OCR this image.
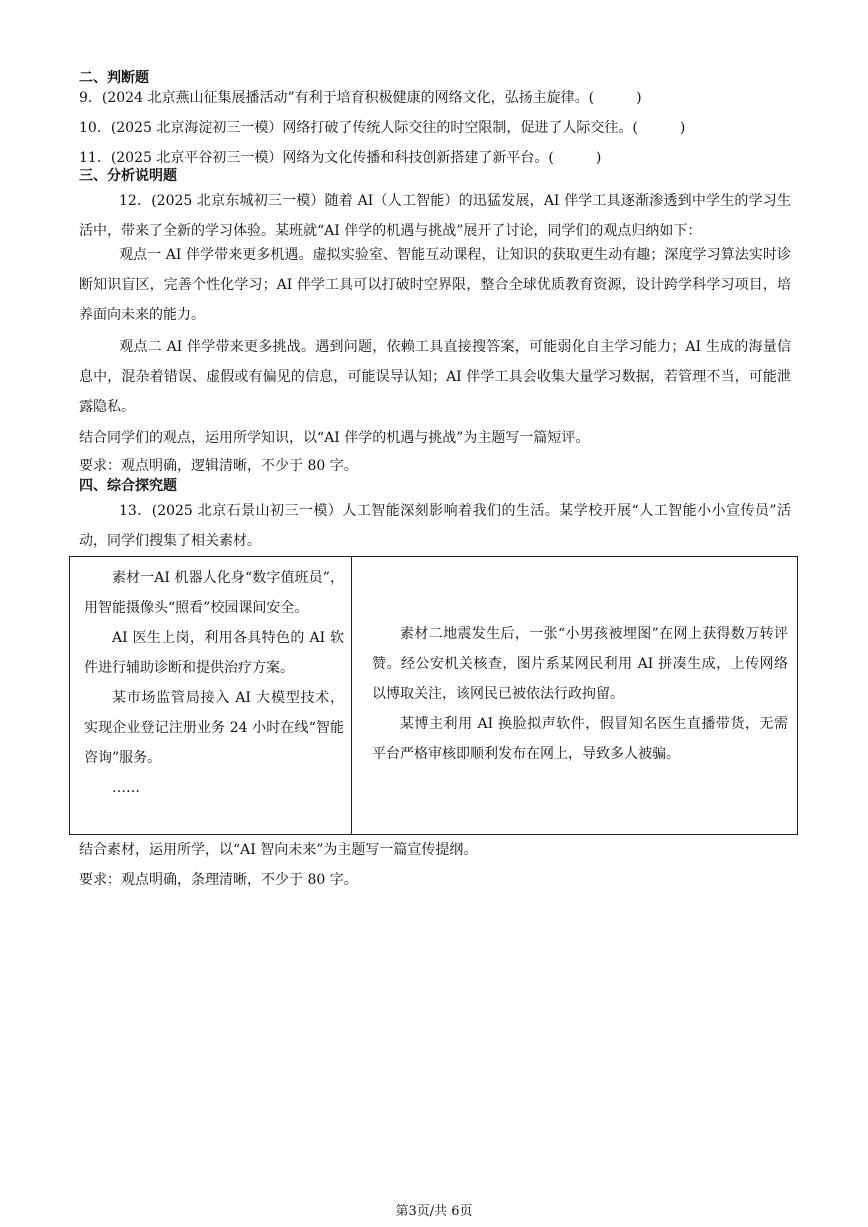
二、判断题
9．(2024 北京燕山征集展播活动”有利于培育积极健康的网络文化，弘扬主旋律。(　　　)
10．(2025 北京海淀初三一模）网络打破了传统人际交往的时空限制，促进了人际交往。(　　　)
11．(2025 北京平谷初三一模）网络为文化传播和科技创新搭建了新平台。(　　　)
三、分析说明题
12．(2025 北京东城初三一模）随着 AI（人工智能）的迅猛发展，AI 伴学工具逐渐渗透到中学生的学习生活中，带来了全新的学习体验。某班就“AI 伴学的机遇与挑战”展开了讨论，同学们的观点归纳如下：
观点一 AI 伴学带来更多机遇。虚拟实验室、智能互动课程，让知识的获取更生动有趣；深度学习算法实时诊断知识盲区，完善个性化学习；AI 伴学工具可以打破时空界限，整合全球优质教育资源，设计跨学科学习项目，培养面向未来的能力。
观点二 AI 伴学带来更多挑战。遇到问题，依赖工具直接搜答案，可能弱化自主学习能力；AI 生成的海量信息中，混杂着错误、虚假或有偏见的信息，可能误导认知；AI 伴学工具会收集大量学习数据，若管理不当，可能泄露隐私。
结合同学们的观点，运用所学知识，以“AI 伴学的机遇与挑战”为主题写一篇短评。
要求：观点明确，逻辑清晰，不少于 80 字。
四、综合探究题
13．(2025 北京石景山初三一模）人工智能深刻影响着我们的生活。某学校开展“人工智能小小宣传员”活动，同学们搜集了相关素材。

素材一AI 机器人化身“数字值班员”，用智能摄像头“照看”校园课间安全。

AI 医生上岗，利用各具特色的 AI 软件进行辅助诊断和提供治疗方案。

某市场监管局接入 AI 大模型技术，实现企业登记注册业务 24 小时在线“智能咨询”服务。

……

素材二地震发生后，一张“小男孩被埋图”在网上获得数万转评赞。经公安机关核查，图片系某网民利用 AI 拼凑生成，上传网络以博取关注，该网民已被依法行政拘留。

某博主利用 AI 换脸拟声软件，假冒知名医生直播带货，无需平台严格审核即顺利发布在网上，导致多人被骗。

结合素材，运用所学，以“AI 智向未来”为主题写一篇宣传提纲。
要求：观点明确，条理清晰，不少于 80 字。
第3页/共 6页
